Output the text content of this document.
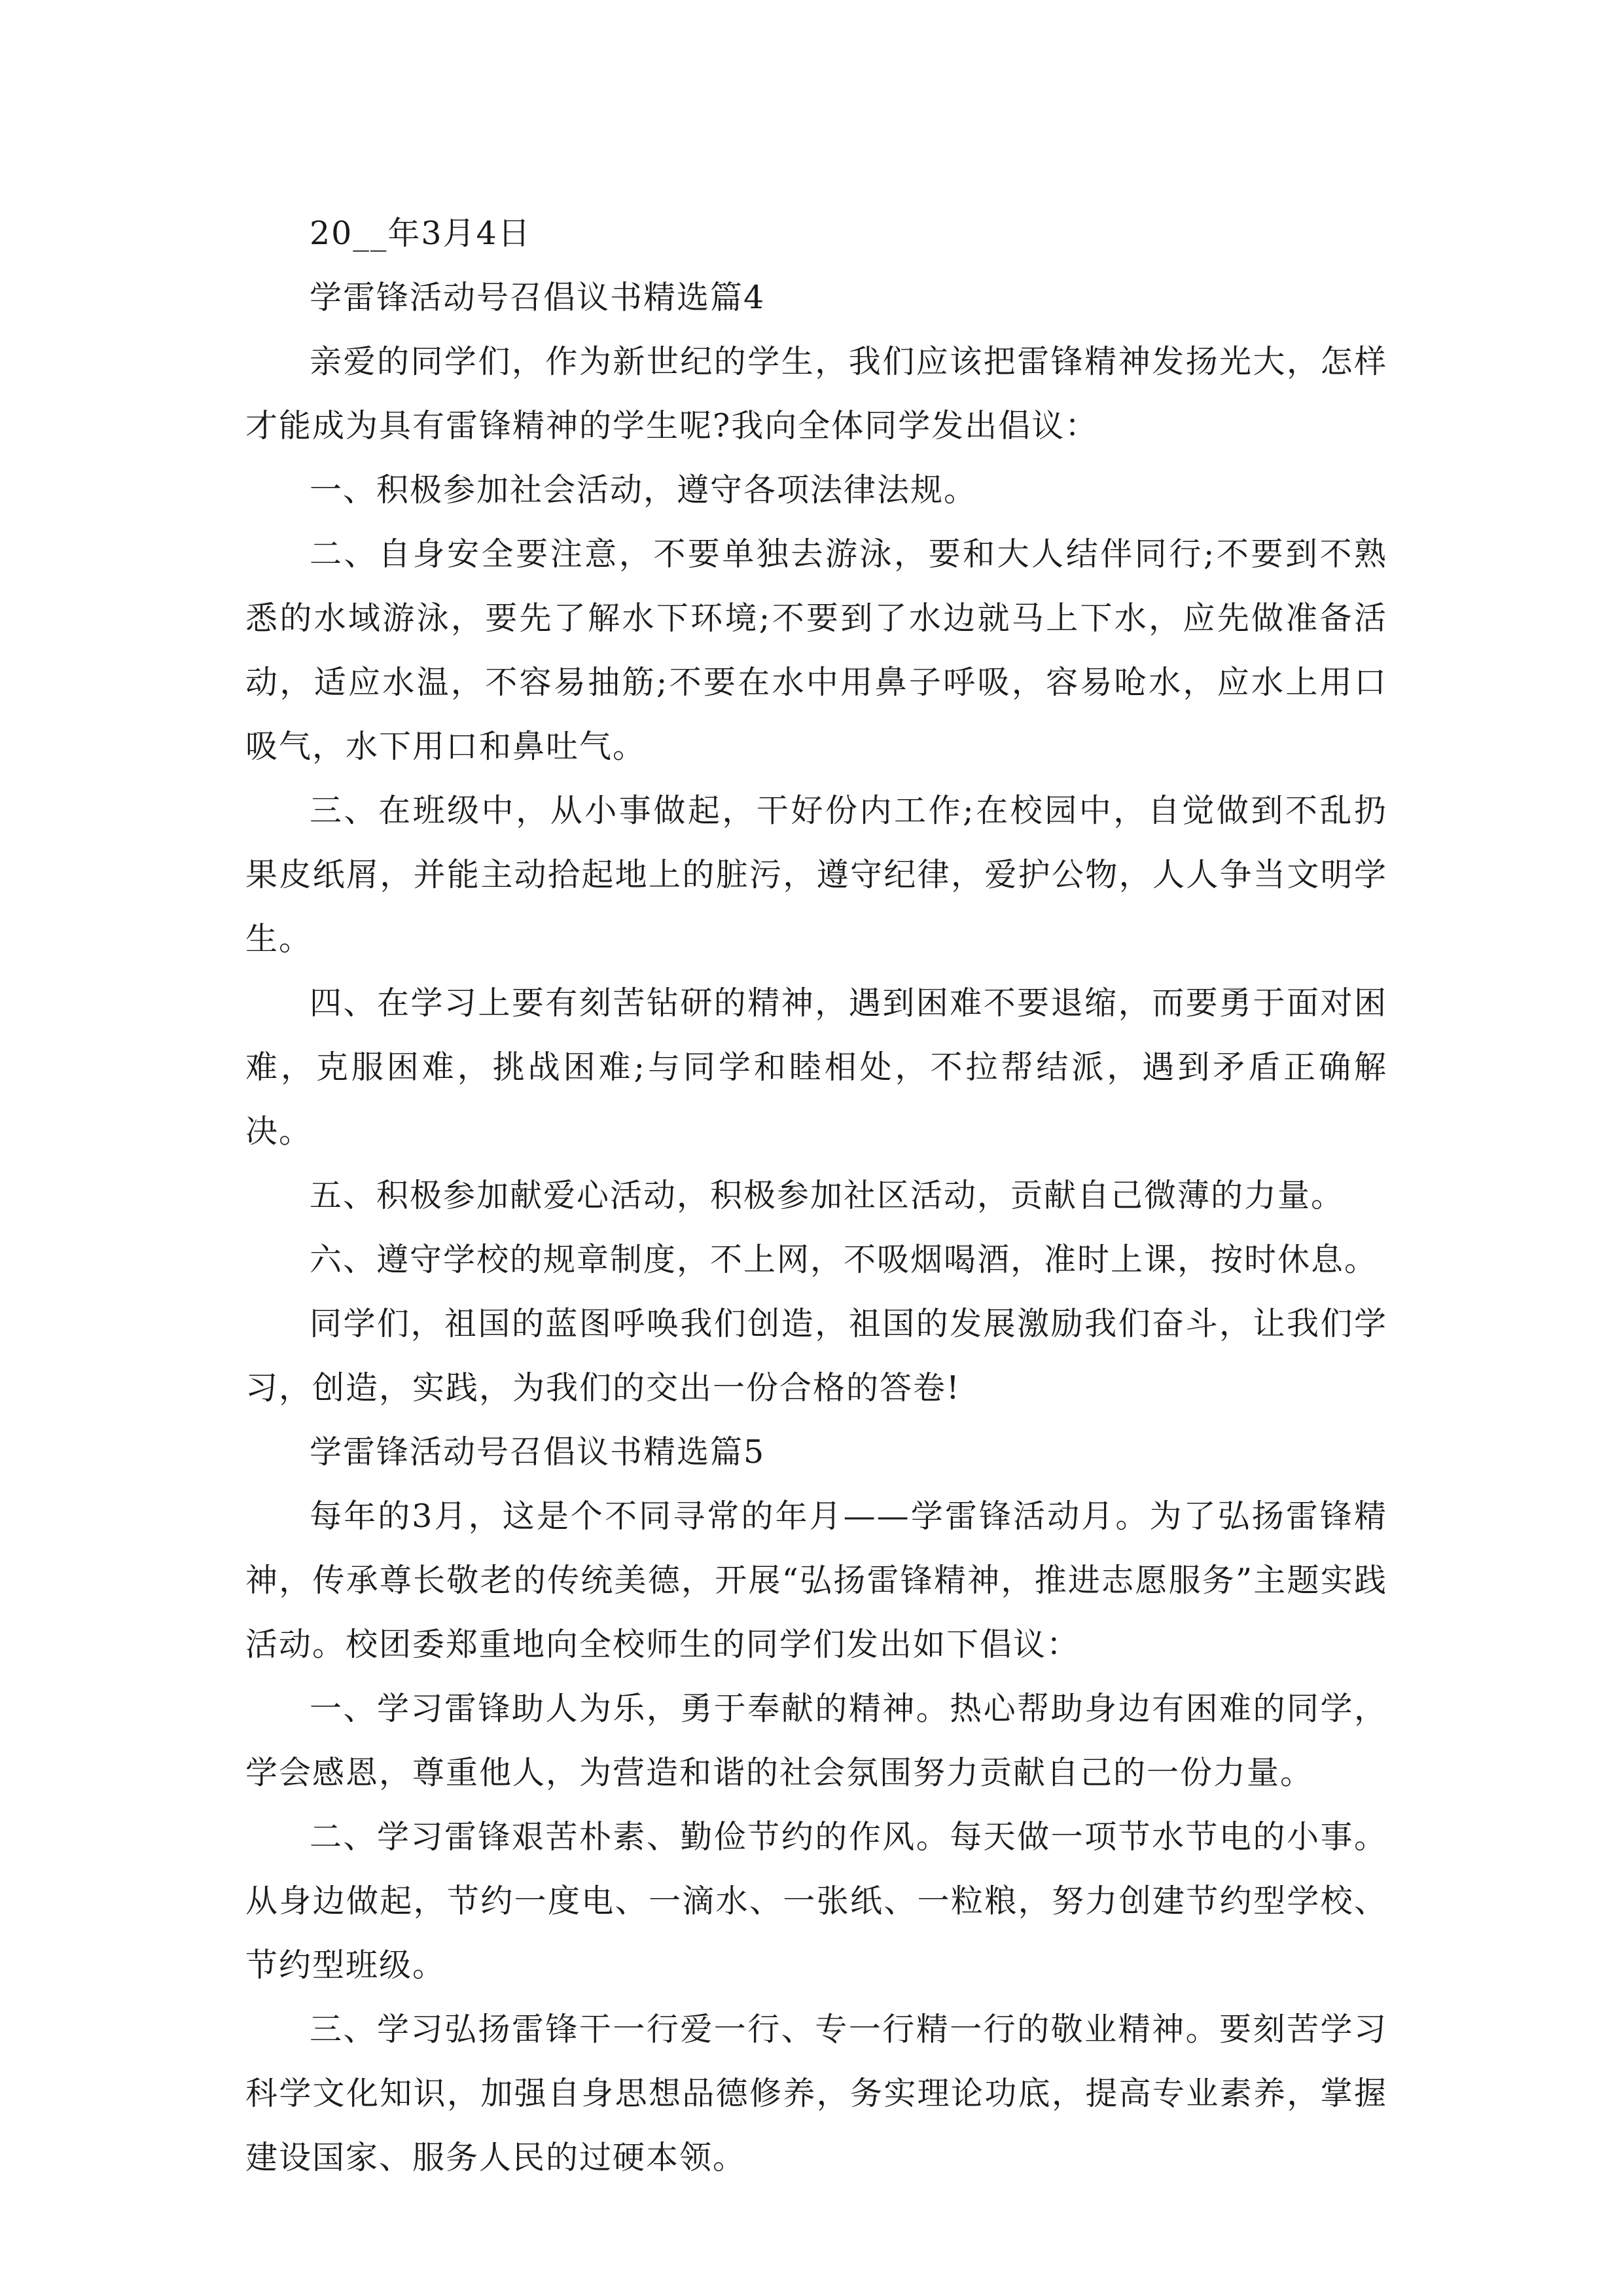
20__年3月4日

学雷锋活动号召倡议书精选篇4

亲爱的同学们，作为新世纪的学生，我们应该把雷锋精神发扬光大，怎样才能成为具有雷锋精神的学生呢?我向全体同学发出倡议：

一、积极参加社会活动，遵守各项法律法规。

二、自身安全要注意，不要单独去游泳，要和大人结伴同行;不要到不熟悉的水域游泳，要先了解水下环境;不要到了水边就马上下水，应先做准备活动，适应水温，不容易抽筋;不要在水中用鼻子呼吸，容易呛水，应水上用口吸气，水下用口和鼻吐气。

三、在班级中，从小事做起，干好份内工作;在校园中，自觉做到不乱扔果皮纸屑，并能主动拾起地上的脏污，遵守纪律，爱护公物，人人争当文明学生。

四、在学习上要有刻苦钻研的精神，遇到困难不要退缩，而要勇于面对困难，克服困难，挑战困难;与同学和睦相处，不拉帮结派，遇到矛盾正确解决。

五、积极参加献爱心活动，积极参加社区活动，贡献自己微薄的力量。

六、遵守学校的规章制度，不上网，不吸烟喝酒，准时上课，按时休息。

同学们，祖国的蓝图呼唤我们创造，祖国的发展激励我们奋斗，让我们学习，创造，实践，为我们的交出一份合格的答卷!

学雷锋活动号召倡议书精选篇5

每年的3月，这是个不同寻常的年月——学雷锋活动月。为了弘扬雷锋精神，传承尊长敬老的传统美德，开展“弘扬雷锋精神，推进志愿服务”主题实践活动。校团委郑重地向全校师生的同学们发出如下倡议：

一、学习雷锋助人为乐，勇于奉献的精神。热心帮助身边有困难的同学，学会感恩，尊重他人，为营造和谐的社会氛围努力贡献自己的一份力量。

二、学习雷锋艰苦朴素、勤俭节约的作风。每天做一项节水节电的小事。从身边做起，节约一度电、一滴水、一张纸、一粒粮，努力创建节约型学校、节约型班级。

三、学习弘扬雷锋干一行爱一行、专一行精一行的敬业精神。要刻苦学习科学文化知识，加强自身思想品德修养，务实理论功底，提高专业素养，掌握建设国家、服务人民的过硬本领。
